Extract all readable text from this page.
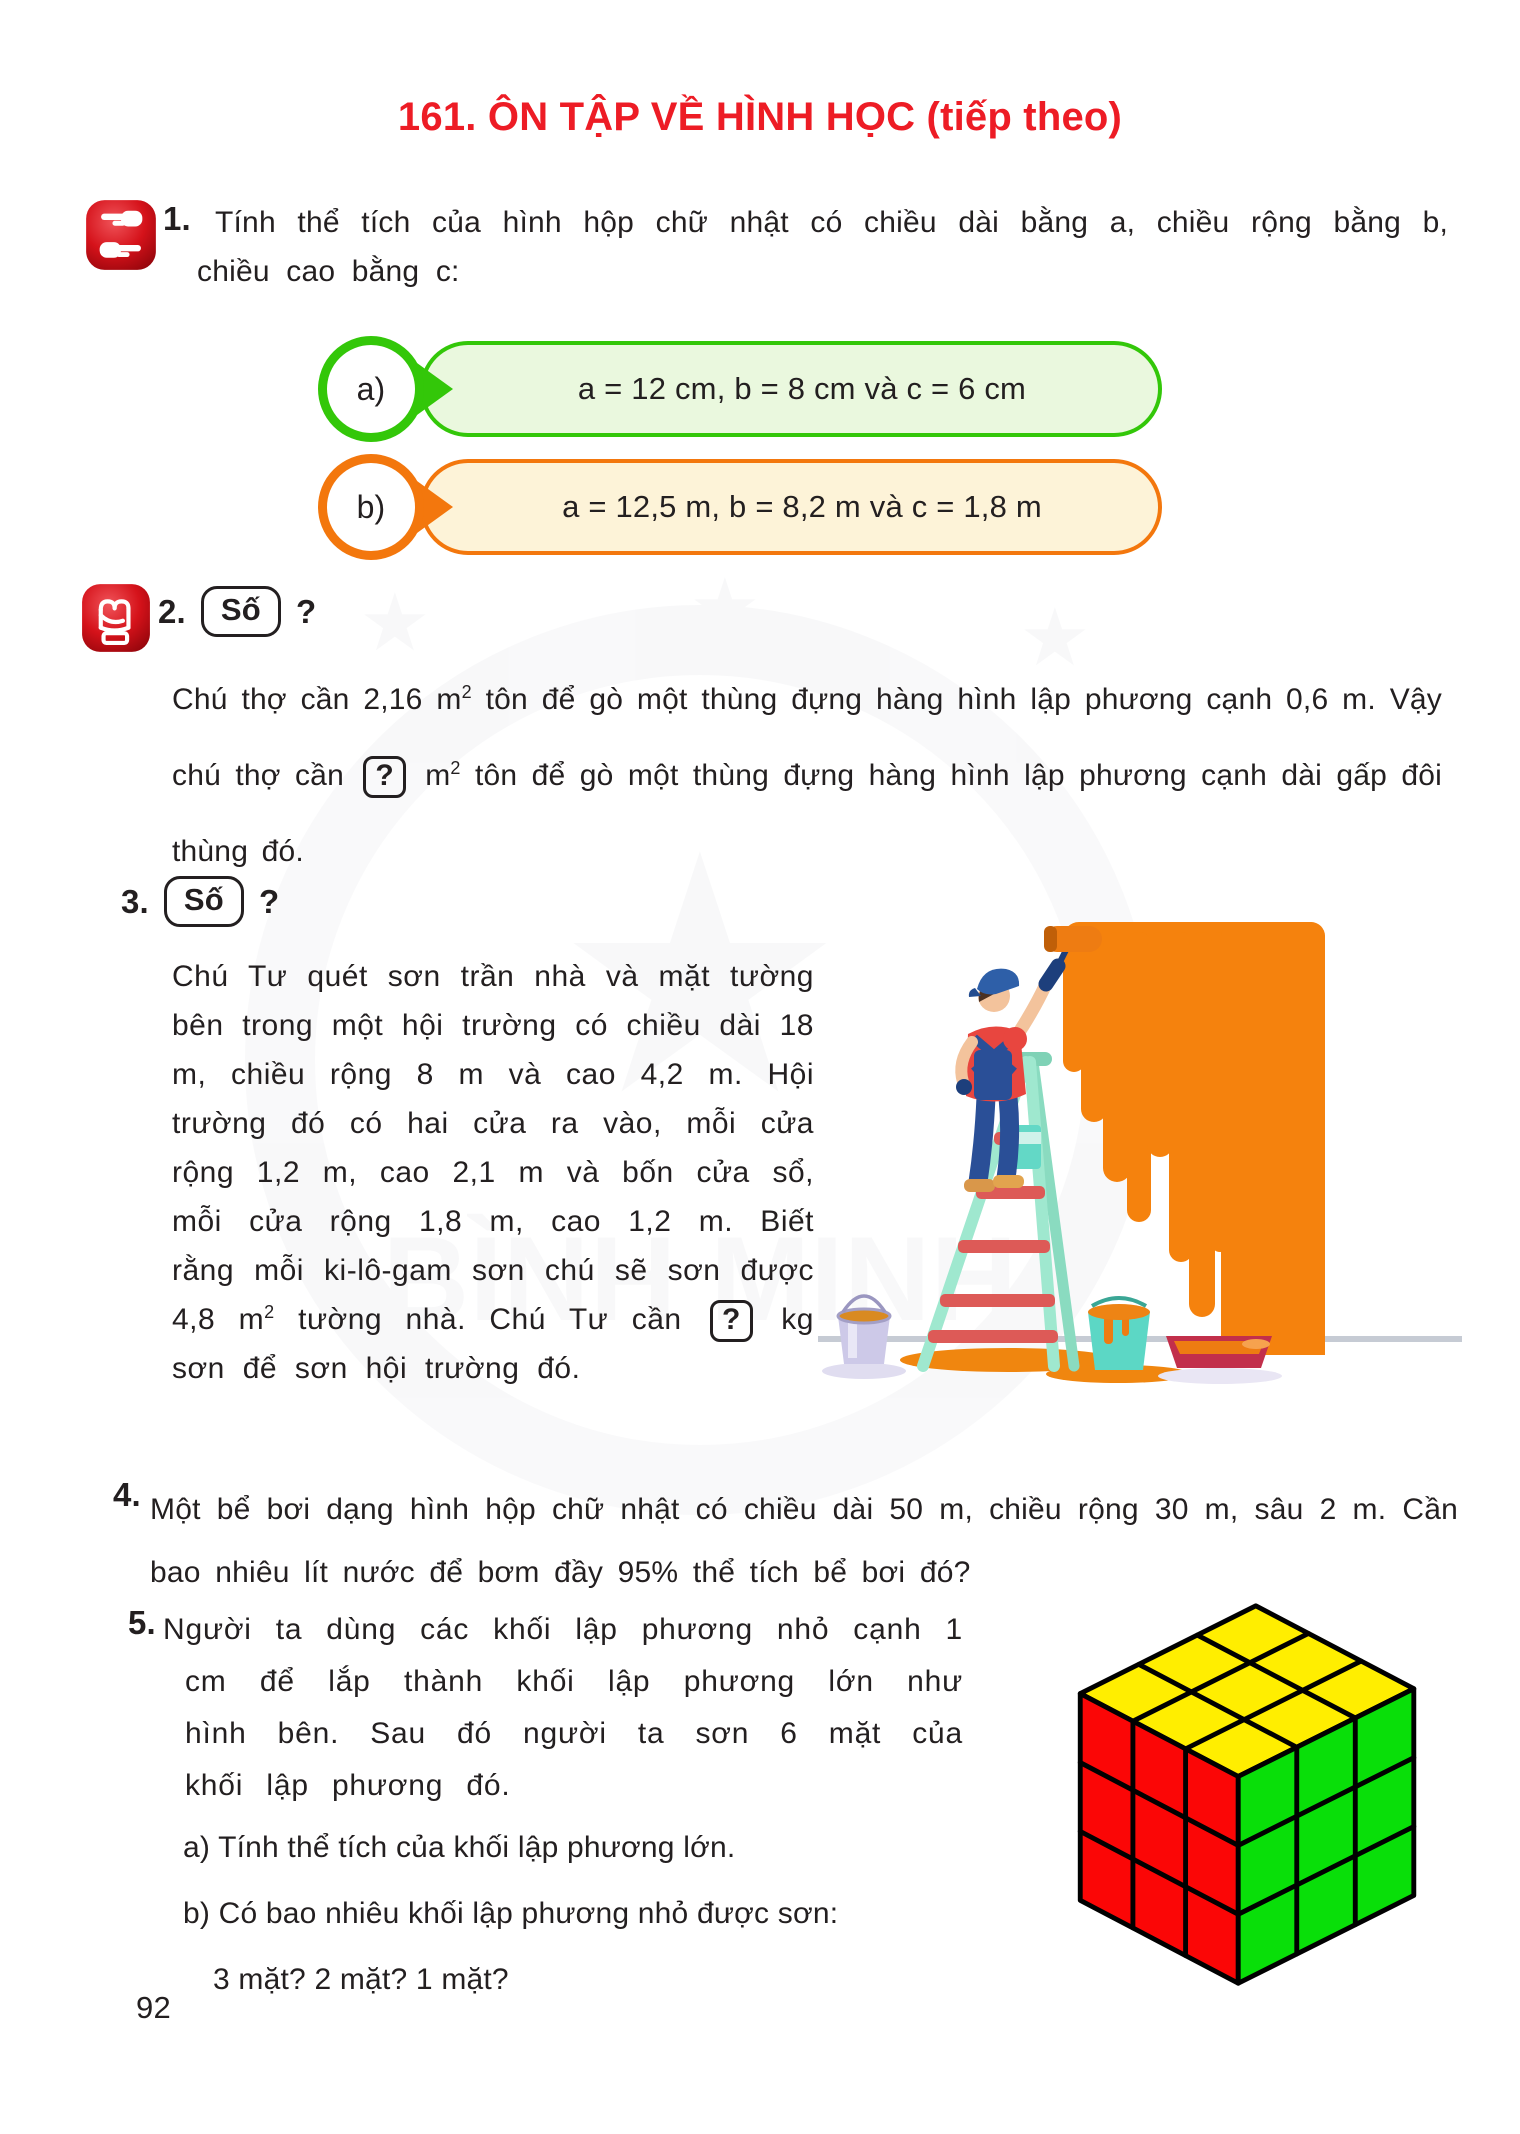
161. ÔN TẬP VỀ HÌNH HỌC (tiếp theo)
1. Tính thể tích của hình hộp chữ nhật có chiều dài bằng a, chiều rộng bằng b, chiều cao bằng c:
a = 12 cm, b = 8 cm và c = 6 cm
a)
a = 12,5 m, b = 8,2 m và c = 1,8 m
b)
2.	Số	?
Chú thợ cần 2,16 $m^2$ tôn để gò một thùng đựng hàng hình lập phương cạnh 0,6 m. Vậy chú thợ cần ? $m^2$ tôn để gò một thùng đựng hàng hình lập phương cạnh dài gấp đôi thùng đó.
3.	Số	?
Chú Tư quét sơn trần nhà và mặt tường bên trong một hội trường có chiều dài 18 m, chiều rộng 8 m và cao 4,2 m. Hội trường đó có hai cửa ra vào, mỗi cửa rộng 1,2 m, cao 2,1 m và bốn cửa sổ, mỗi cửa rộng 1,8 m, cao 1,2 m. Biết rằng mỗi ki-lô-gam sơn chú sẽ sơn được 4,8 $m^2$ tường nhà. Chú Tư cần ? kg sơn để sơn hội trường đó.
4. Một bể bơi dạng hình hộp chữ nhật có chiều dài 50 m, chiều rộng 30 m, sâu 2 m. Cần bao nhiêu lít nước để bơm đầy 95% thể tích bể bơi đó?
5. Người ta dùng các khối lập phương nhỏ cạnh 1 cm để lắp thành khối lập phương lớn như hình bên. Sau đó người ta sơn 6 mặt của khối lập phương đó.
a) Tính thể tích của khối lập phương lớn.
b) Có bao nhiêu khối lập phương nhỏ được sơn:
3 mặt? 2 mặt? 1 mặt?
92
